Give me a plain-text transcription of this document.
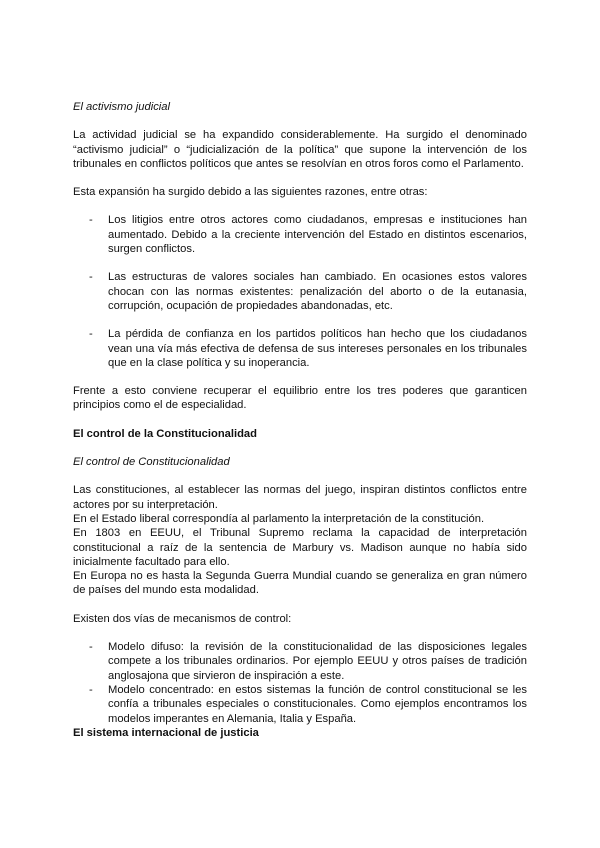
El activismo judicial

La actividad judicial se ha expandido considerablemente. Ha surgido el denominado “activismo judicial” o “judicialización de la política” que supone la intervención de los tribunales en conflictos políticos que antes se resolvían en otros foros como el Parlamento.

Esta expansión ha surgido debido a las siguientes razones, entre otras:

- Los litigios entre otros actores como ciudadanos, empresas e instituciones han aumentado. Debido a la creciente intervención del Estado en distintos escenarios, surgen conflictos.
- Las estructuras de valores sociales han cambiado. En ocasiones estos valores chocan con las normas existentes: penalización del aborto o de la eutanasia, corrupción, ocupación de propiedades abandonadas, etc.
- La pérdida de confianza en los partidos políticos han hecho que los ciudadanos vean una vía más efectiva de defensa de sus intereses personales en los tribunales que en la clase política y su inoperancia.

Frente a esto conviene recuperar el equilibrio entre los tres poderes que garanticen principios como el de especialidad.

El control de la Constitucionalidad

El control de Constitucionalidad

Las constituciones, al establecer las normas del juego, inspiran distintos conflictos entre actores por su interpretación.

En el Estado liberal correspondía al parlamento la interpretación de la constitución.

En 1803 en EEUU, el Tribunal Supremo reclama la capacidad de interpretación constitucional a raíz de la sentencia de Marbury vs. Madison aunque no había sido inicialmente facultado para ello.

En Europa no es hasta la Segunda Guerra Mundial cuando se generaliza en gran número de países del mundo esta modalidad.

Existen dos vías de mecanismos de control:

- Modelo difuso: la revisión de la constitucionalidad de las disposiciones legales compete a los tribunales ordinarios. Por ejemplo EEUU y otros países de tradición anglosajona que sirvieron de inspiración a este.
- Modelo concentrado: en estos sistemas la función de control constitucional se les confía a tribunales especiales o constitucionales. Como ejemplos encontramos los modelos imperantes en Alemania, Italia y España.

El sistema internacional de justicia
